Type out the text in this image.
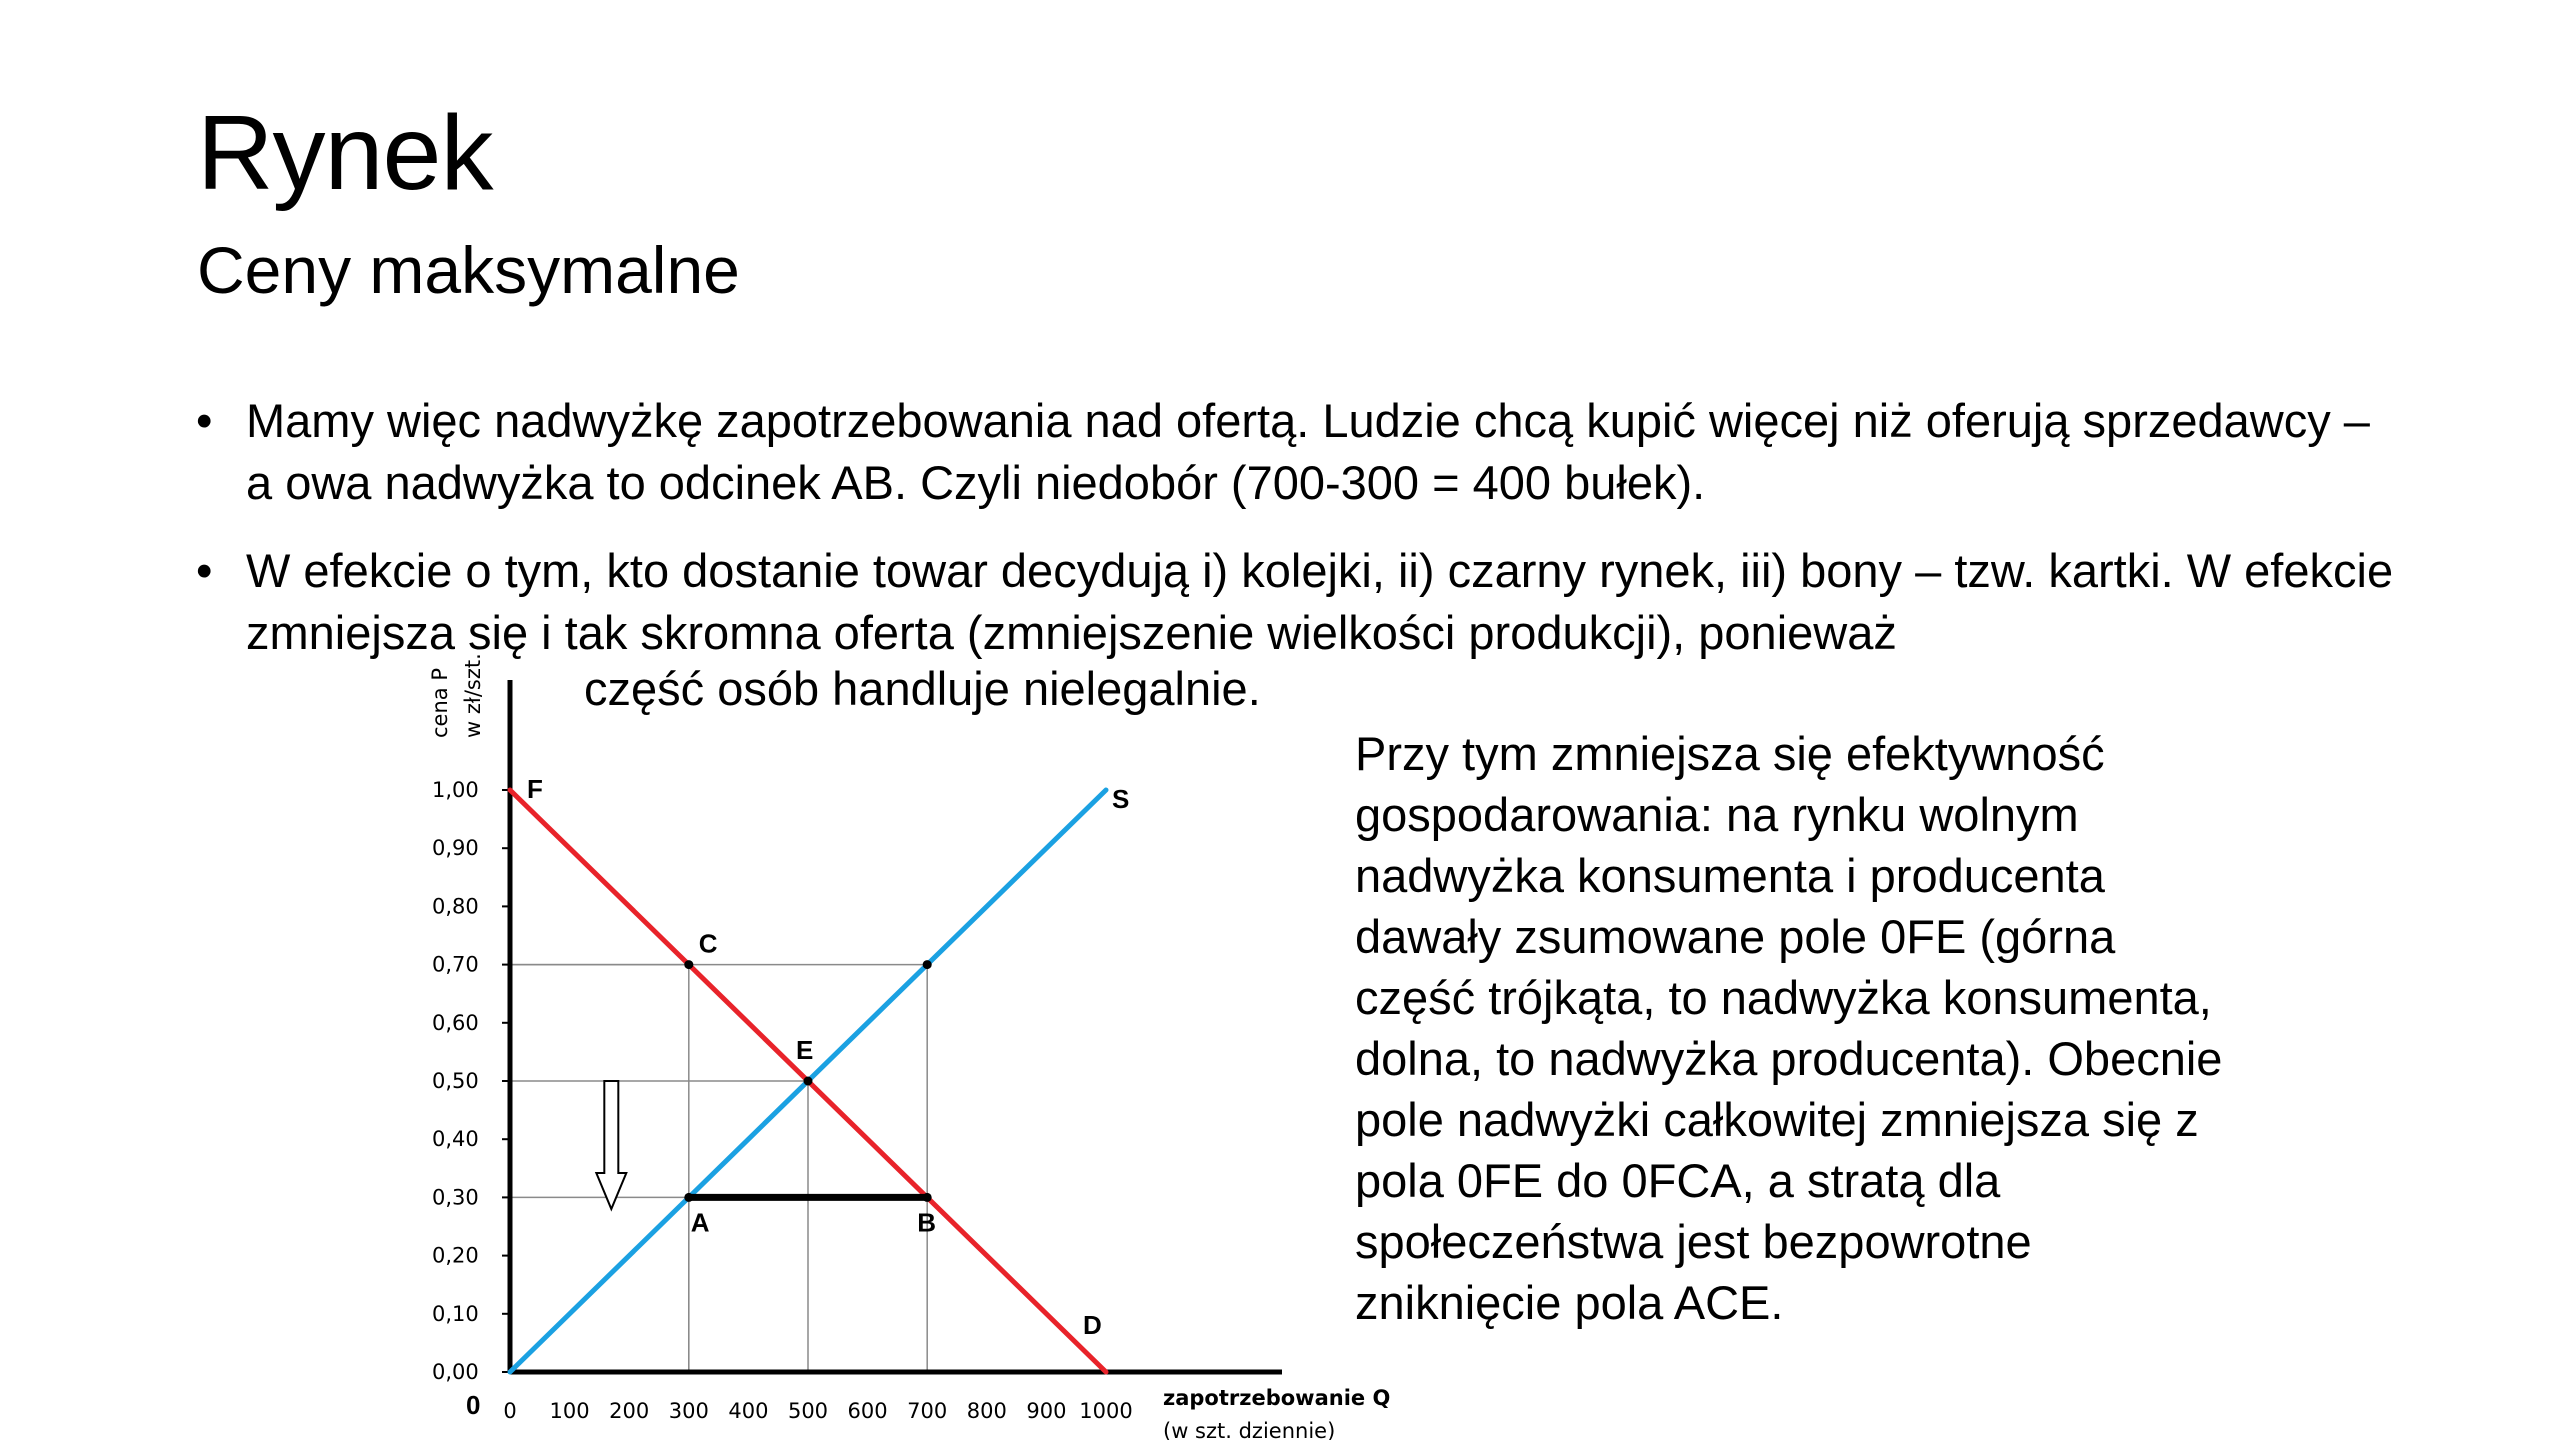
Rynek
Ceny maksymalne
• Mamy więc nadwyżkę zapotrzebowania nad ofertą. Ludzie chcą kupić więcej niż oferują sprzedawcy – a owa nadwyżka to odcinek AB. Czyli niedobór (700-300 = 400 bułek).
• W efekcie o tym, kto dostanie towar decydują i) kolejki, ii) czarny rynek, iii) bony – tzw. kartki. W efekcie zmniejsza się i tak skromna oferta (zmniejszenie wielkości produkcji), ponieważ
część osób handluje nielegalnie.
Przy tym zmniejsza się efektywność
gospodarowania: na rynku wolnym
nadwyżka konsumenta i producenta
dawały zsumowane pole 0FE (górna
część trójkąta, to nadwyżka konsumenta,
dolna, to nadwyżka producenta). Obecnie
pole nadwyżki całkowitej zmniejsza się z
pola 0FE do 0FCA, a stratą dla
społeczeństwa jest bezpowrotne
zniknięcie pola ACE.
0,00
0,10
0,20
0,30
0,40
0,50
0,60
0,70
0,80
0,90
1,00
0 100 200 300 400 500 600 700 800 900 1000
0
F
D
S
C
E
A	B
cena P w zł/szt.
zapotrzebowanie Q
(w szt. dziennie)
